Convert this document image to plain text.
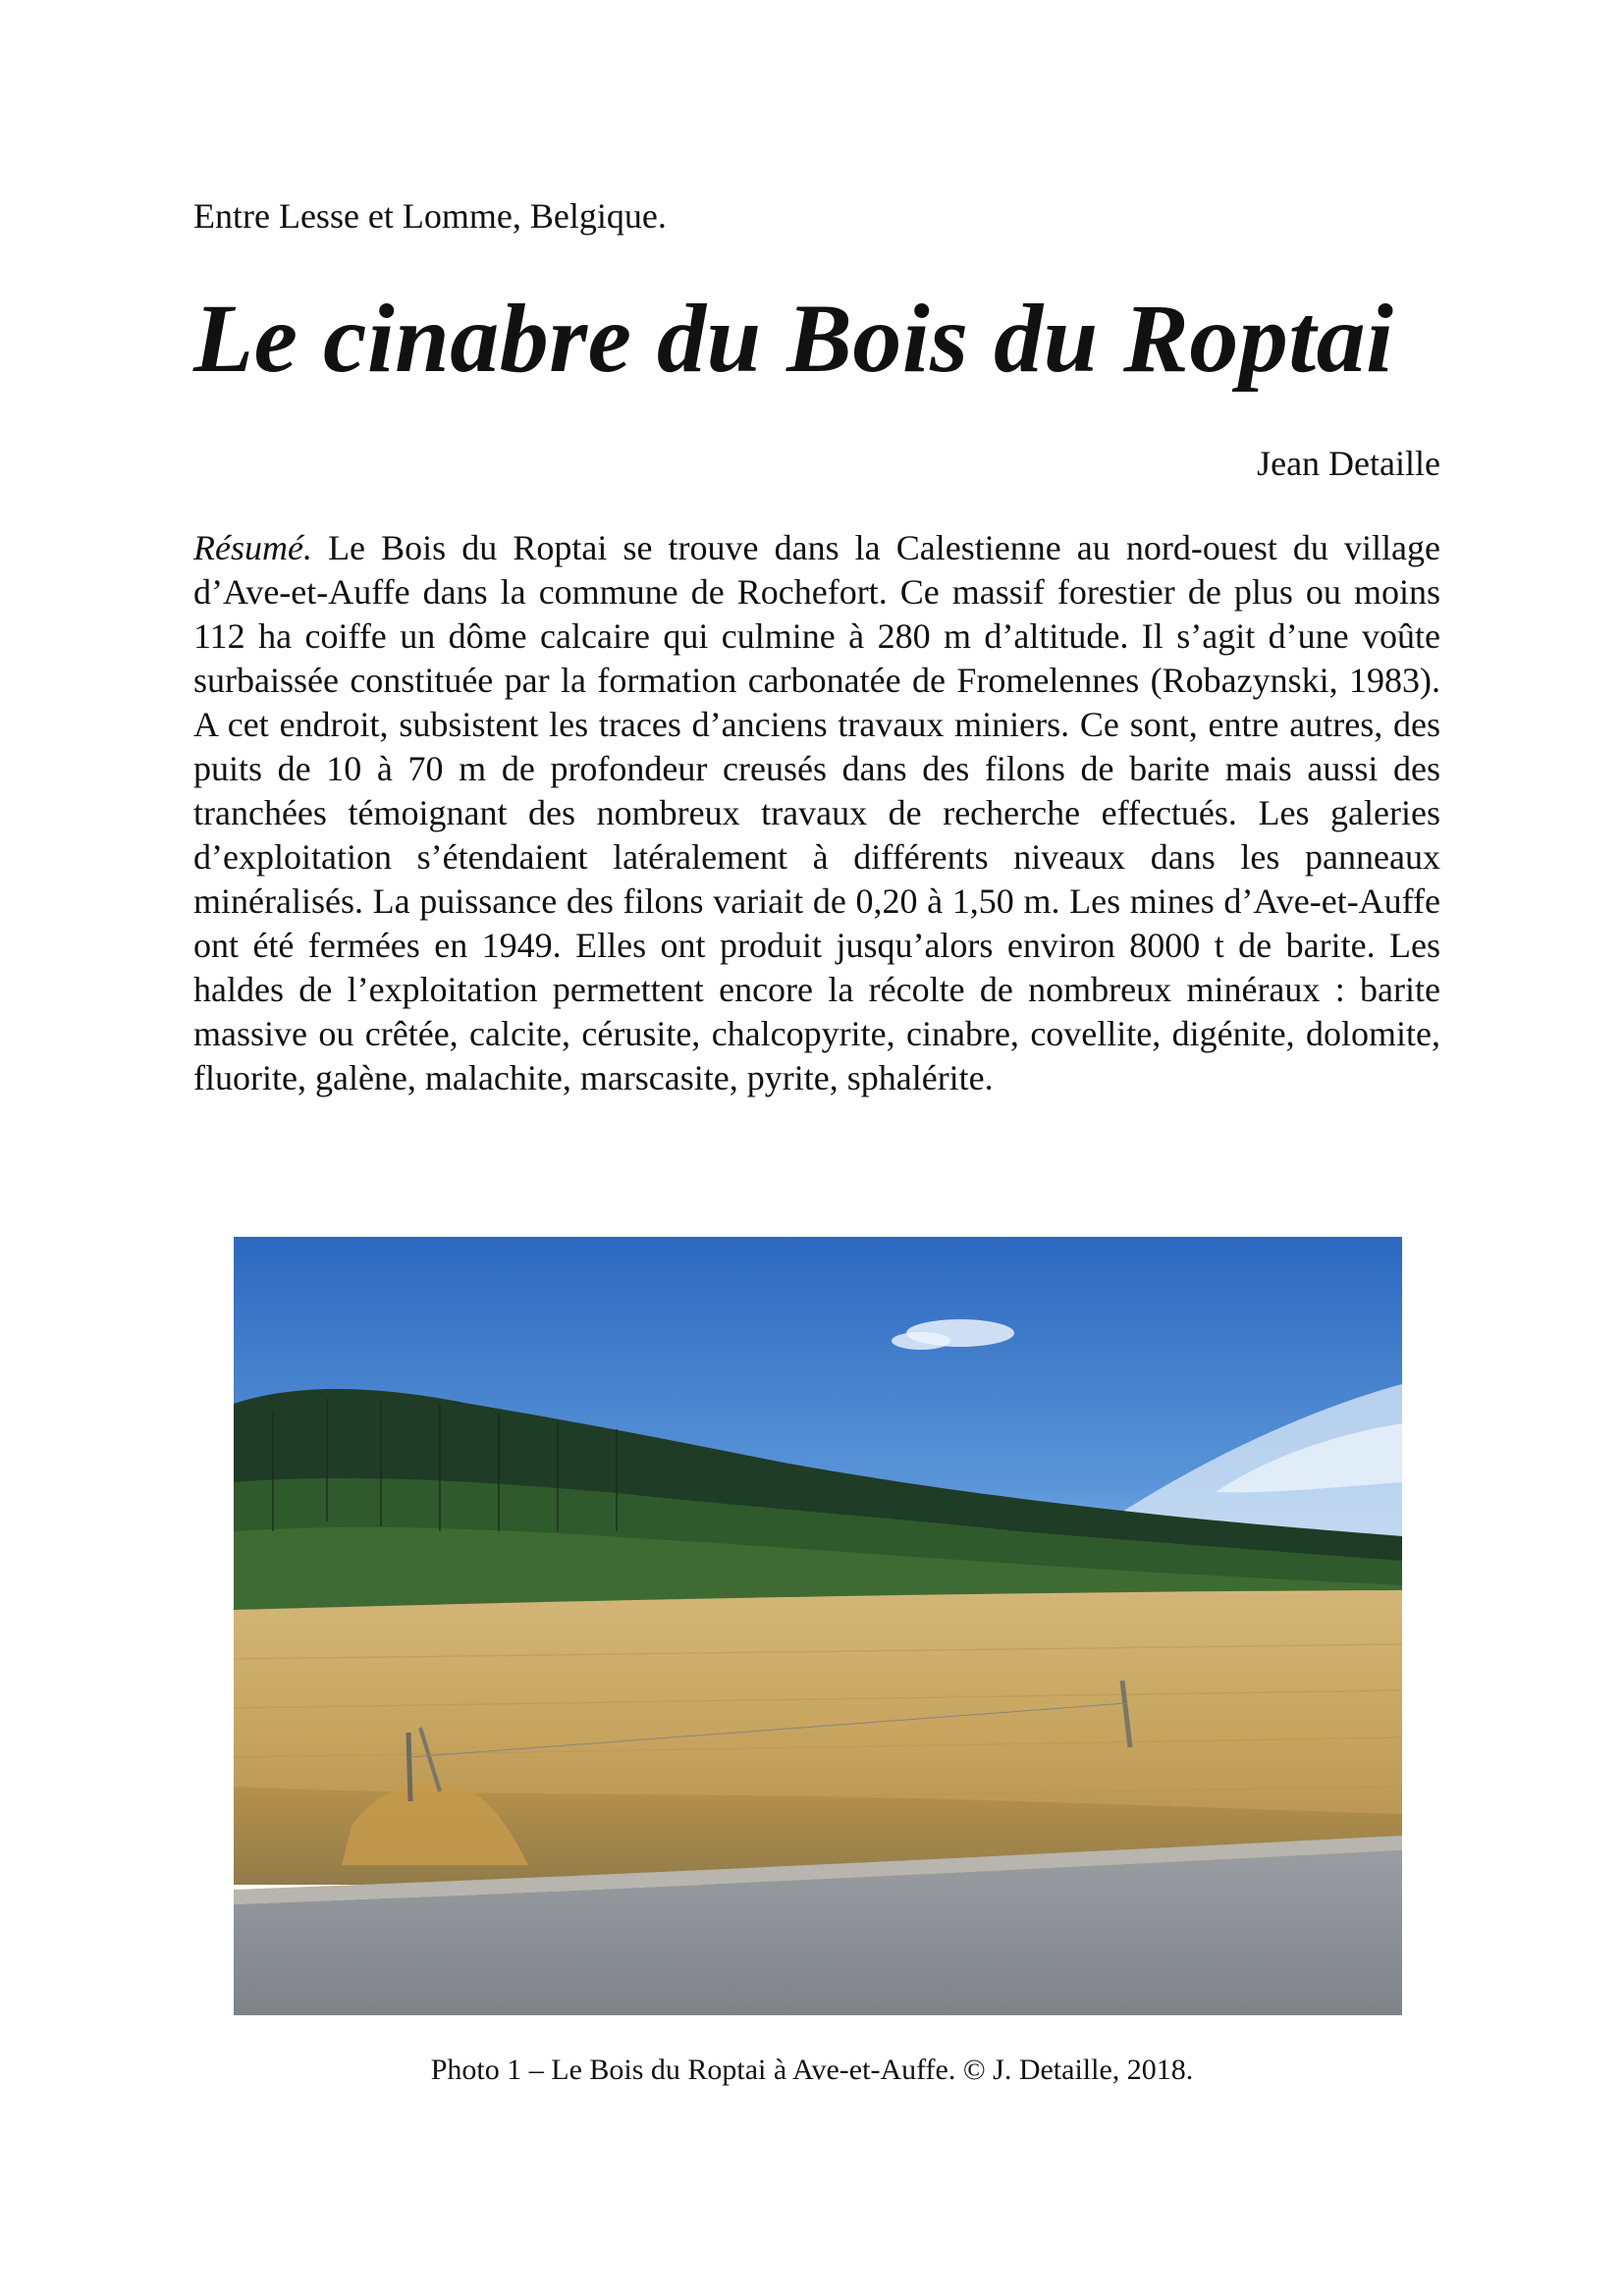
Entre Lesse et Lomme, Belgique.
Le cinabre du Bois du Roptai
Jean Detaille

Résumé. Le Bois du Roptai se trouve dans la Calestienne au nord-ouest du village d’Ave-et-Auffe dans la commune de Rochefort. Ce massif forestier de plus ou moins 112 ha coiffe un dôme calcaire qui culmine à 280 m d’altitude. Il s’agit d’une voûte surbaissée constituée par la formation carbonatée de Fromelennes (Robazynski, 1983). A cet endroit, subsistent les traces d’anciens travaux miniers. Ce sont, entre autres, des puits de 10 à 70 m de profondeur creusés dans des filons de barite mais aussi des tranchées témoignant des nombreux travaux de recherche effectués. Les galeries d’exploitation s’étendaient latéralement à différents niveaux dans les panneaux minéralisés. La puissance des filons variait de 0,20 à 1,50 m. Les mines d’Ave-et-Auffe ont été fermées en 1949. Elles ont produit jusqu’alors environ 8000 t de barite. Les haldes de l’exploitation permettent encore la récolte de nombreux minéraux : barite massive ou crêtée, calcite, cérusite, chalcopyrite, cinabre, covellite, digénite, dolomite, fluorite, galène, malachite, marscasite, pyrite, sphalérite.

Photo 1 – Le Bois du Roptai à Ave-et-Auffe. © J. Detaille, 2018.
